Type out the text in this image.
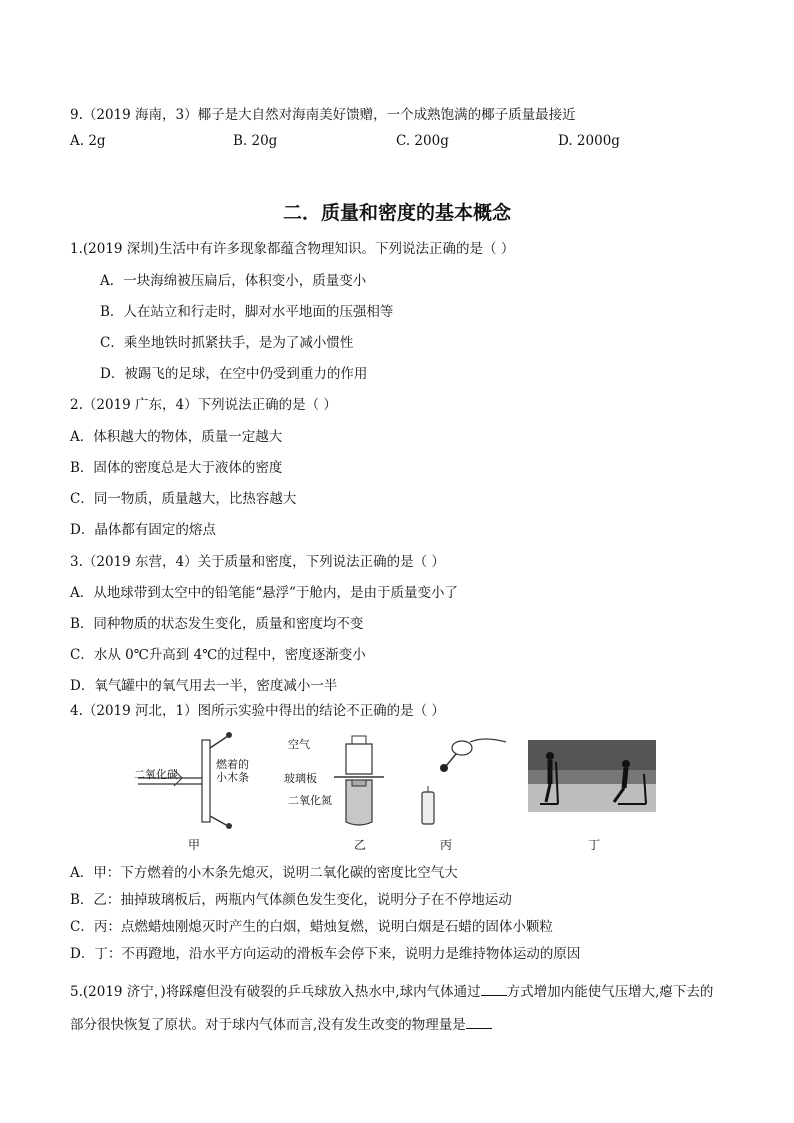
9.（2019 海南，3）椰子是大自然对海南美好馈赠，一个成熟饱满的椰子质量最接近
A. 2g	B. 20g	C. 200g	D. 2000g
二．质量和密度的基本概念
1.(2019 深圳)生活中有许多现象都蕴含物理知识。下列说法正确的是（ ）
A．一块海绵被压扁后，体积变小，质量变小
B．人在站立和行走时，脚对水平地面的压强相等
C．乘坐地铁时抓紧扶手，是为了减小惯性
D．被踢飞的足球，在空中仍受到重力的作用
2.（2019 广东，4）下列说法正确的是（ ）
A．体积越大的物体，质量一定越大
B．固体的密度总是大于液体的密度
C．同一物质，质量越大，比热容越大
D．晶体都有固定的熔点
3.（2019 东营，4）关于质量和密度，下列说法正确的是（ ）
A．从地球带到太空中的铅笔能“悬浮”于舱内，是由于质量变小了
B．同种物质的状态发生变化，质量和密度均不变
C．水从 0℃升高到 4℃的过程中，密度逐渐变小
D．氧气罐中的氧气用去一半，密度减小一半
4.（2019 河北，1）图所示实验中得出的结论不正确的是（ ）
二氧化碳
燃着的小木条
甲
空气
玻璃板
二氧化氮
乙	丙	丁
A．甲：下方燃着的小木条先熄灭，说明二氧化碳的密度比空气大
B．乙：抽掉玻璃板后，两瓶内气体颜色发生变化，说明分子在不停地运动
C．丙：点燃蜡烛刚熄灭时产生的白烟，蜡烛复燃，说明白烟是石蜡的固体小颗粒
D．丁：不再蹬地，沿水平方向运动的滑板车会停下来，说明力是维持物体运动的原因
5.(2019 济宁，)将踩瘪但没有破裂的乒乓球放入热水中,球内气体通过 方式增加内能使气压增大,瘪下去的
部分很快恢复了原状。对于球内气体而言,没有发生改变的物理量是
